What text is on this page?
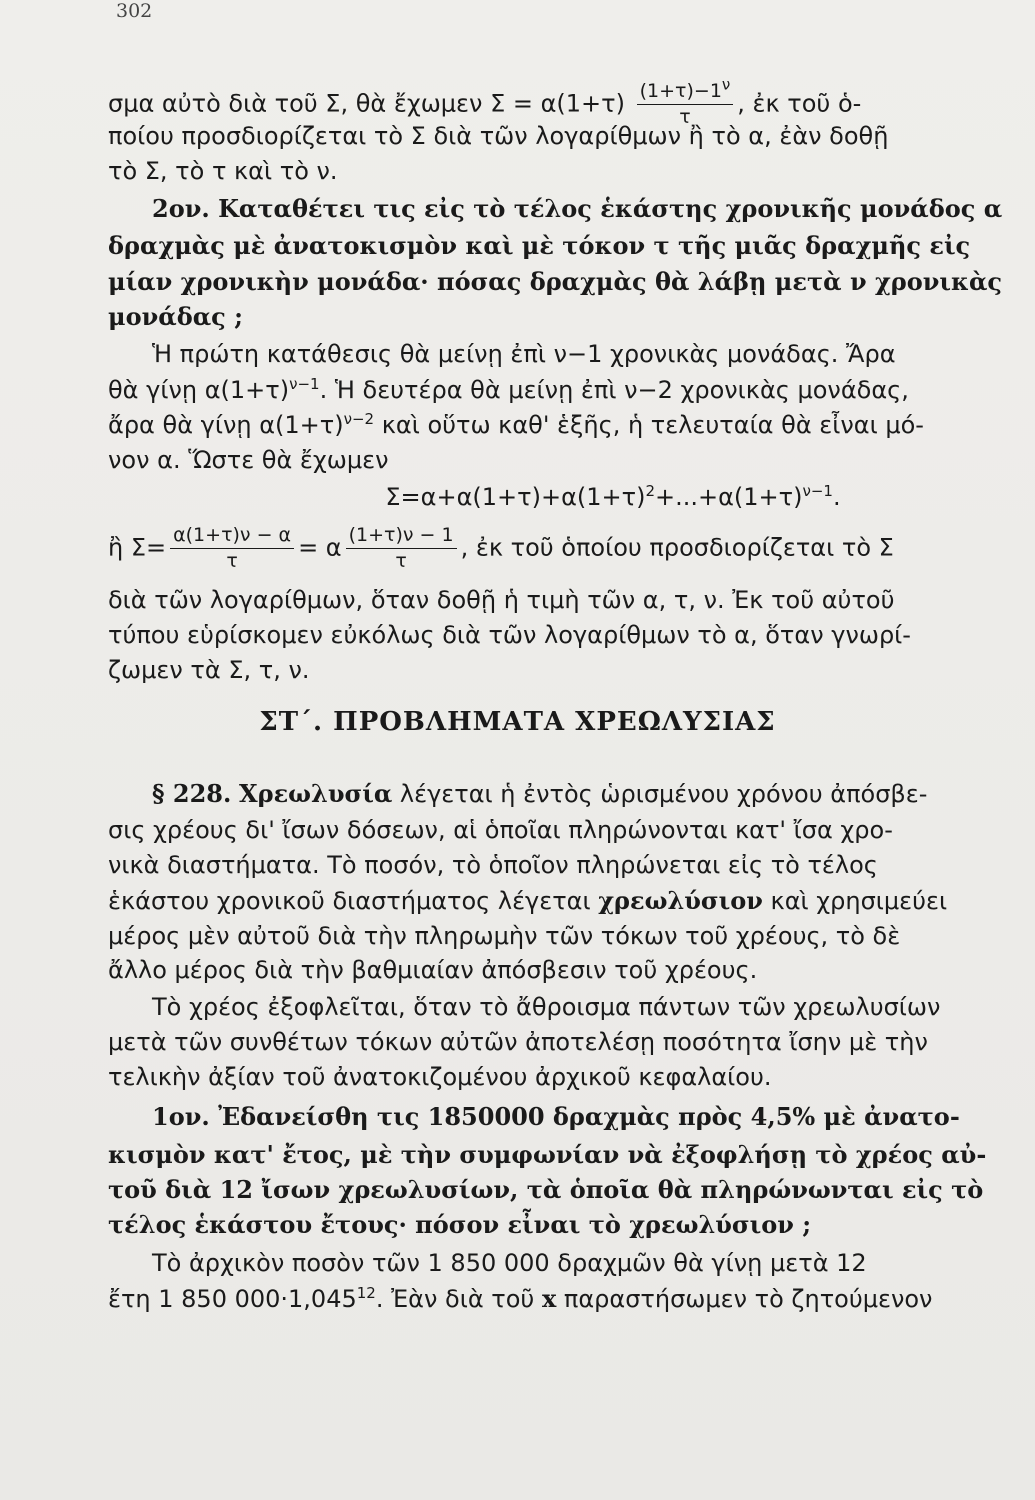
302
σμα αὐτὸ διὰ τοῦ Σ, θὰ ἔχωμεν $\Sigma = \alpha(1+\tau) \frac{(1+\tau)-1^\nu}{\tau}$ , ἐκ τοῦ ὁ-
ποίου προσδιορίζεται τὸ Σ διὰ τῶν λογαρίθμων ἢ τὸ α, ἐὰν δοθῇ
τὸ Σ, τὸ τ καὶ τὸ ν.
2ον. Καταθέτει τις εἰς τὸ τέλος ἑκάστης χρονικῆς μονάδος α
δραχμὰς μὲ ἀνατοκισμὸν καὶ μὲ τόκον τ τῆς μιᾶς δραχμῆς εἰς
μίαν χρονικὴν μονάδα· πόσας δραχμὰς θὰ λάβῃ μετὰ ν χρονικὰς
μονάδας ;
Ἡ πρώτη κατάθεσις θὰ μείνῃ ἐπὶ ν−1 χρονικὰς μονάδας. Ἄρα
θὰ γίνῃ $\alpha(1+\tau)^{\nu-1}$. Ἡ δευτέρα θὰ μείνῃ ἐπὶ ν−2 χρονικὰς μονάδας,
ἄρα θὰ γίνῃ $\alpha(1+\tau)^{\nu-2}$ καὶ οὕτω καθ' ἑξῆς, ἡ τελευταία θὰ εἶναι μό-
νον α. Ὥστε θὰ ἔχωμεν
$\Sigma=\alpha+\alpha(1+\tau)+\alpha(1+\tau)^2+...+\alpha(1+\tau)^{\nu-1}$.
ἢ $\Sigma= \frac{\alpha(1+\tau)\nu - \alpha}{\tau} = \alpha \frac{(1+\tau)\nu - 1}{\tau}$ , ἐκ τοῦ ὁποίου προσδιορίζεται τὸ Σ
διὰ τῶν λογαρίθμων, ὅταν δοθῇ ἡ τιμὴ τῶν α, τ, ν. Ἐκ τοῦ αὐτοῦ
τύπου εὑρίσκομεν εὐκόλως διὰ τῶν λογαρίθμων τὸ α, ὅταν γνωρί-
ζωμεν τὰ Σ, τ, ν.
ΣΤ΄. ΠΡΟΒΛΗΜΑΤΑ ΧΡΕΩΛΥΣΙΑΣ
§ 228. Χρεωλυσία λέγεται ἡ ἐντὸς ὡρισμένου χρόνου ἀπόσβε-
σις χρέους δι' ἴσων δόσεων, αἱ ὁποῖαι πληρώνονται κατ' ἴσα χρο-
νικὰ διαστήματα. Τὸ ποσόν, τὸ ὁποῖον πληρώνεται εἰς τὸ τέλος
ἑκάστου χρονικοῦ διαστήματος λέγεται χρεωλύσιον καὶ χρησιμεύει
μέρος μὲν αὐτοῦ διὰ τὴν πληρωμὴν τῶν τόκων τοῦ χρέους, τὸ δὲ
ἄλλο μέρος διὰ τὴν βαθμιαίαν ἀπόσβεσιν τοῦ χρέους.
Τὸ χρέος ἐξοφλεῖται, ὅταν τὸ ἄθροισμα πάντων τῶν χρεωλυσίων
μετὰ τῶν συνθέτων τόκων αὐτῶν ἀποτελέσῃ ποσότητα ἴσην μὲ τὴν
τελικὴν ἀξίαν τοῦ ἀνατοκιζομένου ἀρχικοῦ κεφαλαίου.
1ον. Ἐδανείσθη τις 1850000 δραχμὰς πρὸς 4,5% μὲ ἀνατο-
κισμὸν κατ' ἔτος, μὲ τὴν συμφωνίαν νὰ ἐξοφλήσῃ τὸ χρέος αὐ-
τοῦ διὰ 12 ἴσων χρεωλυσίων, τὰ ὁποῖα θὰ πληρώνωνται εἰς τὸ
τέλος ἑκάστου ἔτους· πόσον εἶναι τὸ χρεωλύσιον ;
Τὸ ἀρχικὸν ποσὸν τῶν 1 850 000 δραχμῶν θὰ γίνῃ μετὰ 12
ἔτη 1 850 $000\cdot 1,045^{12}$. Ἐὰν διὰ τοῦ x παραστήσωμεν τὸ ζητούμενον
